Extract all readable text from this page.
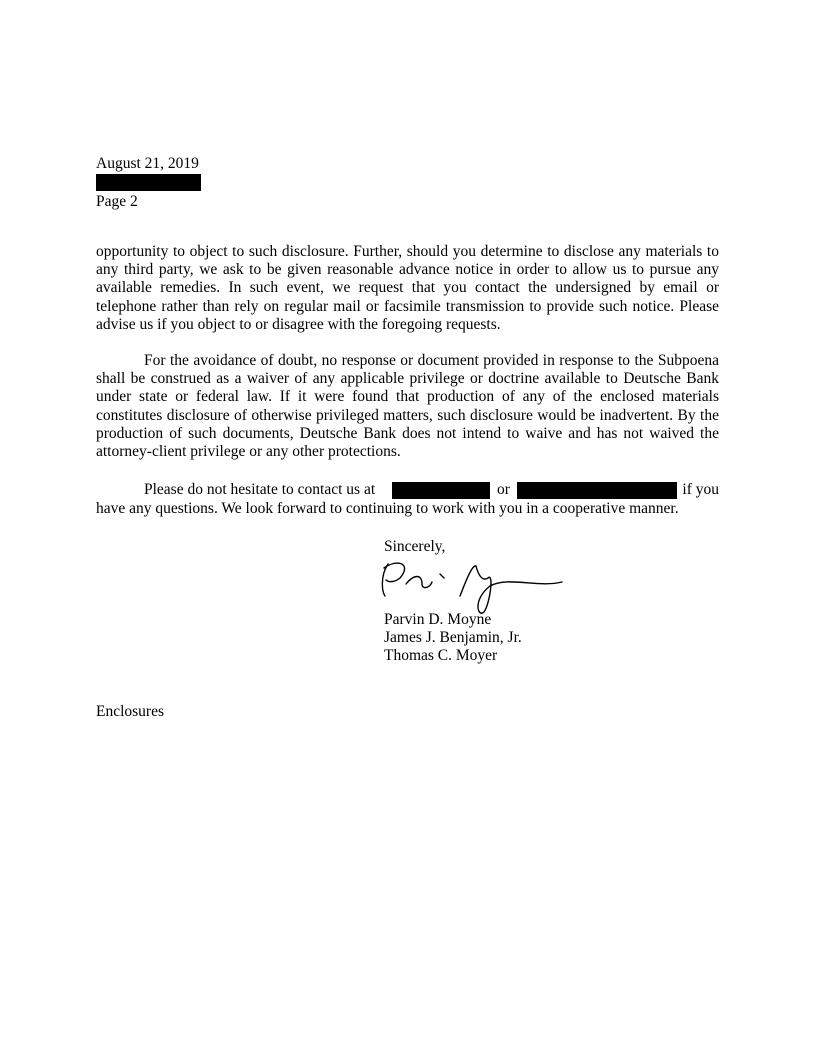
August 21, 2019
Page 2
opportunity to object to such disclosure. Further, should you determine to disclose any materials to any third party, we ask to be given reasonable advance notice in order to allow us to pursue any available remedies. In such event, we request that you contact the undersigned by email or telephone rather than rely on regular mail or facsimile transmission to provide such notice. Please advise us if you object to or disagree with the foregoing requests.
For the avoidance of doubt, no response or document provided in response to the Subpoena shall be construed as a waiver of any applicable privilege or doctrine available to Deutsche Bank under state or federal law. If it were found that production of any of the enclosed materials constitutes disclosure of otherwise privileged matters, such disclosure would be inadvertent. By the production of such documents, Deutsche Bank does not intend to waive and has not waived the attorney-client privilege or any other protections.
Please do not hesitate to contact us at	or	if you
have any questions. We look forward to continuing to work with you in a cooperative manner.
Sincerely,
Parvin D. Moyne
James J. Benjamin, Jr.
Thomas C. Moyer
Enclosures
